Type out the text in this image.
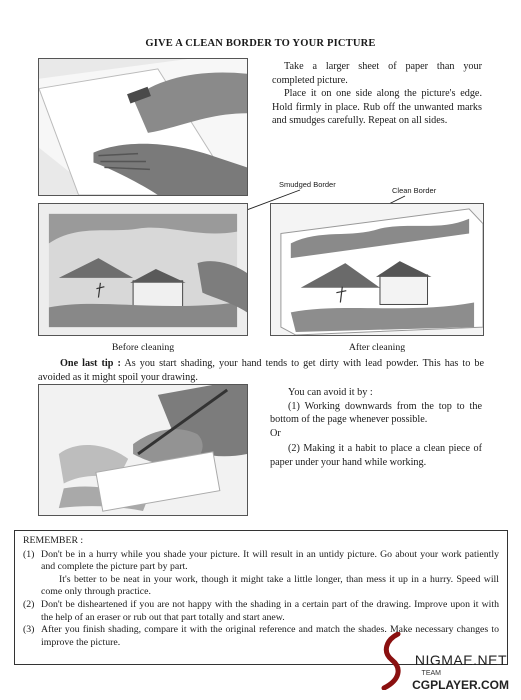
GIVE A CLEAN BORDER TO YOUR PICTURE

Take a larger sheet of paper than your completed picture.

Place it on one side along the picture's edge. Hold firmly in place. Rub off the unwanted marks and smudges carefully. Repeat on all sides.

Smudged Border
Clean Border
Before cleaning	After cleaning
One last tip : As you start shading, your hand tends to get dirty with lead powder. This has to be avoided as it might spoil your drawing.
You can avoid it by :
(1) Working downwards from the top to the bottom of the page whenever possible.
Or
(2) Making it a habit to place a clean piece of paper under your hand while working.
REMEMBER :
(1) Don't be in a hurry while you shade your picture. It will result in an untidy picture. Go about your work patiently and complete the picture part by part.
It's better to be neat in your work, though it might take a little longer, than mess it up in a hurry. Speed will come only through practice.
(2) Don't be disheartened if you are not happy with the shading in a certain part of the drawing. Improve upon it with the help of an eraser or rub out that part totally and start anew.
(3) After you finish shading, compare it with the original reference and match the shades. Make necessary changes to improve the picture.
NIGMAE.NET
TEAM
CGPLAYER.COM
